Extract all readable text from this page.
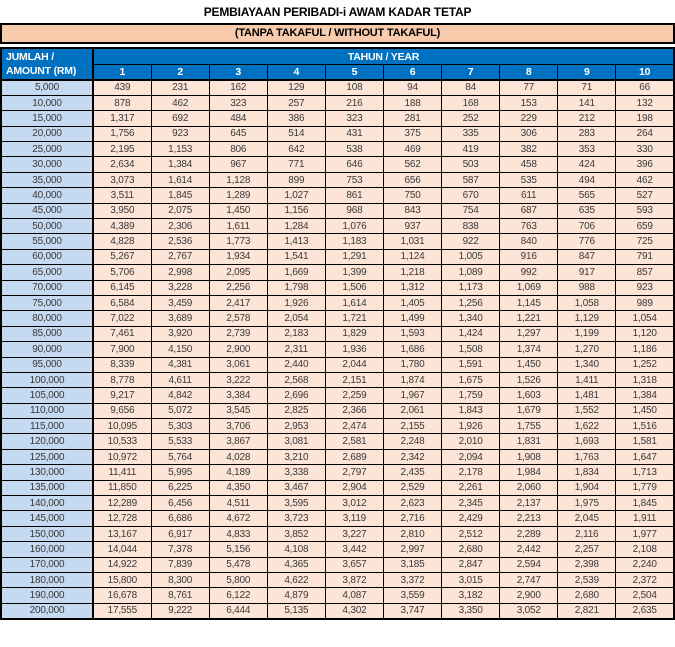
PEMBIAYAAN PERIBADI-i AWAM KADAR TETAP
(TANPA TAKAFUL / WITHOUT TAKAFUL)
JUMLAH /
AMOUNT (RM)	TAHUN / YEAR									
	1	2	3	4	5	6	7	8	9	10
5,000	439	231	162	129	108	94	84	77	71	66
10,000	878	462	323	257	216	188	168	153	141	132
15,000	1,317	692	484	386	323	281	252	229	212	198
20,000	1,756	923	645	514	431	375	335	306	283	264
25,000	2,195	1,153	806	642	538	469	419	382	353	330
30,000	2,634	1,384	967	771	646	562	503	458	424	396
35,000	3,073	1,614	1,128	899	753	656	587	535	494	462
40,000	3,511	1,845	1,289	1,027	861	750	670	611	565	527
45,000	3,950	2,075	1,450	1,156	968	843	754	687	635	593
50,000	4,389	2,306	1,611	1,284	1,076	937	838	763	706	659
55,000	4,828	2,536	1,773	1,413	1,183	1,031	922	840	776	725
60,000	5,267	2,767	1,934	1,541	1,291	1,124	1,005	916	847	791
65,000	5,706	2,998	2,095	1,669	1,399	1,218	1,089	992	917	857
70,000	6,145	3,228	2,256	1,798	1,506	1,312	1,173	1,069	988	923
75,000	6,584	3,459	2,417	1,926	1,614	1,405	1,256	1,145	1,058	989
80,000	7,022	3,689	2,578	2,054	1,721	1,499	1,340	1,221	1,129	1,054
85,000	7,461	3,920	2,739	2,183	1,829	1,593	1,424	1,297	1,199	1,120
90,000	7,900	4,150	2,900	2,311	1,936	1,686	1,508	1,374	1,270	1,186
95,000	8,339	4,381	3,061	2,440	2,044	1,780	1,591	1,450	1,340	1,252
100,000	8,778	4,611	3,222	2,568	2,151	1,874	1,675	1,526	1,411	1,318
105,000	9,217	4,842	3,384	2,696	2,259	1,967	1,759	1,603	1,481	1,384
110,000	9,656	5,072	3,545	2,825	2,366	2,061	1,843	1,679	1,552	1,450
115,000	10,095	5,303	3,706	2,953	2,474	2,155	1,926	1,755	1,622	1,516
120,000	10,533	5,533	3,867	3,081	2,581	2,248	2,010	1,831	1,693	1,581
125,000	10,972	5,764	4,028	3,210	2,689	2,342	2,094	1,908	1,763	1,647
130,000	11,411	5,995	4,189	3,338	2,797	2,435	2,178	1,984	1,834	1,713
135,000	11,850	6,225	4,350	3,467	2,904	2,529	2,261	2,060	1,904	1,779
140,000	12,289	6,456	4,511	3,595	3,012	2,623	2,345	2,137	1,975	1,845
145,000	12,728	6,686	4,672	3,723	3,119	2,716	2,429	2,213	2,045	1,911
150,000	13,167	6,917	4,833	3,852	3,227	2,810	2,512	2,289	2,116	1,977
160,000	14,044	7,378	5,156	4,108	3,442	2,997	2,680	2,442	2,257	2,108
170,000	14,922	7,839	5,478	4,365	3,657	3,185	2,847	2,594	2,398	2,240
180,000	15,800	8,300	5,800	4,622	3,872	3,372	3,015	2,747	2,539	2,372
190,000	16,678	8,761	6,122	4,879	4,087	3,559	3,182	2,900	2,680	2,504
200,000	17,555	9,222	6,444	5,135	4,302	3,747	3,350	3,052	2,821	2,635
